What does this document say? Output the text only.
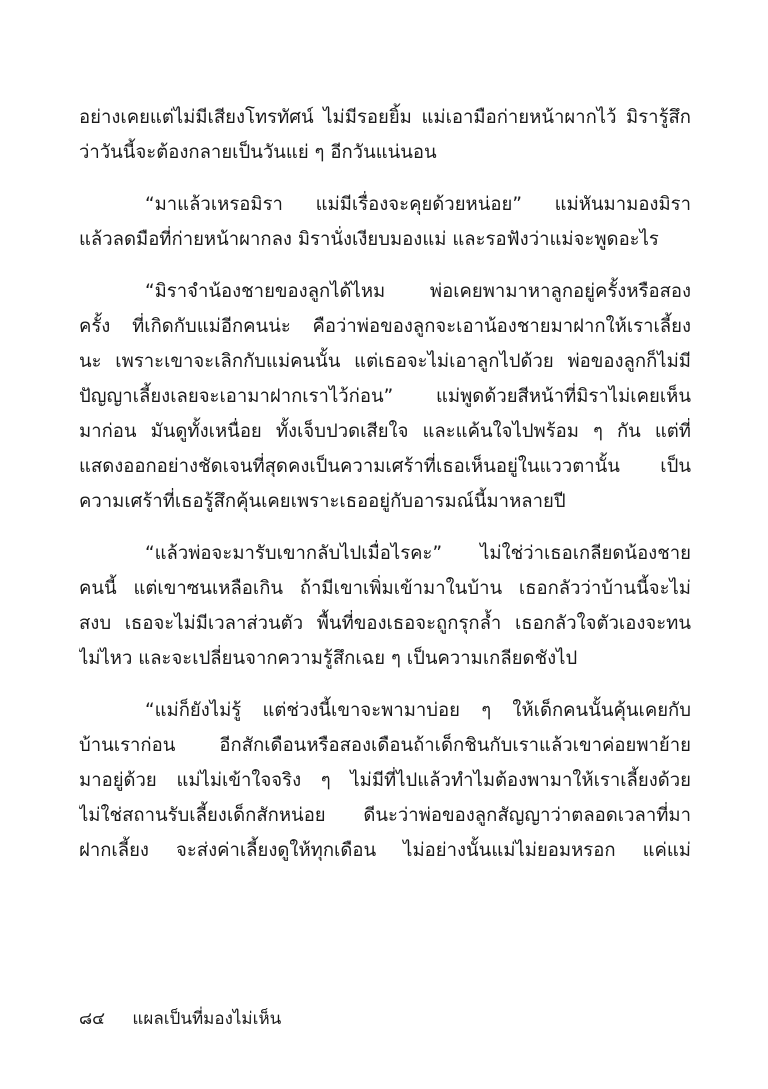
อย่างเคยแต่ไม่มีเสียงโทรทัศน์ ไม่มีรอยยิ้ม แม่เอามือก่ายหน้าผากไว้ มิรารู้สึก
ว่าวันนี้จะต้องกลายเป็นวันแย่ ๆ อีกวันแน่นอน
“มาแล้วเหรอมิรา แม่มีเรื่องจะคุยด้วยหน่อย” แม่หันมามองมิรา
แล้วลดมือที่ก่ายหน้าผากลง มิรานั่งเงียบมองแม่ และรอฟังว่าแม่จะพูดอะไร
“มิราจำน้องชายของลูกได้ไหม พ่อเคยพามาหาลูกอยู่ครั้งหรือสอง
ครั้ง ที่เกิดกับแม่อีกคนน่ะ คือว่าพ่อของลูกจะเอาน้องชายมาฝากให้เราเลี้ยง
นะ เพราะเขาจะเลิกกับแม่คนนั้น แต่เธอจะไม่เอาลูกไปด้วย พ่อของลูกก็ไม่มี
ปัญญาเลี้ยงเลยจะเอามาฝากเราไว้ก่อน” แม่พูดด้วยสีหน้าที่มิราไม่เคยเห็น
มาก่อน มันดูทั้งเหนื่อย ทั้งเจ็บปวดเสียใจ และแค้นใจไปพร้อม ๆ กัน แต่ที่
แสดงออกอย่างชัดเจนที่สุดคงเป็นความเศร้าที่เธอเห็นอยู่ในแววตานั้น เป็น
ความเศร้าที่เธอรู้สึกคุ้นเคยเพราะเธออยู่กับอารมณ์นี้มาหลายปี
“แล้วพ่อจะมารับเขากลับไปเมื่อไรคะ” ไม่ใช่ว่าเธอเกลียดน้องชาย
คนนี้ แต่เขาซนเหลือเกิน ถ้ามีเขาเพิ่มเข้ามาในบ้าน เธอกลัวว่าบ้านนี้จะไม่
สงบ เธอจะไม่มีเวลาส่วนตัว พื้นที่ของเธอจะถูกรุกล้ำ เธอกลัวใจตัวเองจะทน
ไม่ไหว และจะเปลี่ยนจากความรู้สึกเฉย ๆ เป็นความเกลียดชังไป
“แม่ก็ยังไม่รู้ แต่ช่วงนี้เขาจะพามาบ่อย ๆ ให้เด็กคนนั้นคุ้นเคยกับ
บ้านเราก่อน อีกสักเดือนหรือสองเดือนถ้าเด็กชินกับเราแล้วเขาค่อยพาย้าย
มาอยู่ด้วย แม่ไม่เข้าใจจริง ๆ ไม่มีที่ไปแล้วทำไมต้องพามาให้เราเลี้ยงด้วย
ไม่ใช่สถานรับเลี้ยงเด็กสักหน่อย ดีนะว่าพ่อของลูกสัญญาว่าตลอดเวลาที่มา
ฝากเลี้ยง จะส่งค่าเลี้ยงดูให้ทุกเดือน ไม่อย่างนั้นแม่ไม่ยอมหรอก แค่แม่
๘๔ แผลเป็นที่มองไม่เห็น
